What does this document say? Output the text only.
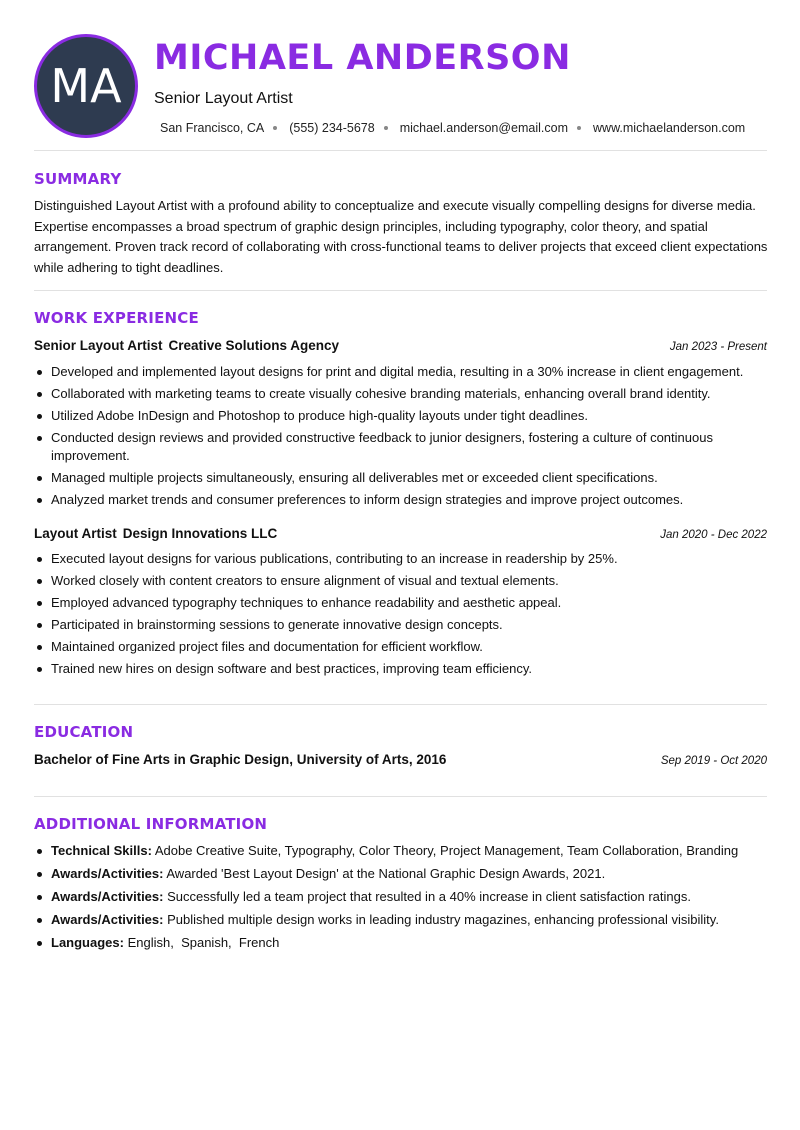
MA
MICHAEL ANDERSON
Senior Layout Artist
San Francisco, CA (555) 234-5678 michael.anderson@email.com www.michaelanderson.com
SUMMARY
Distinguished Layout Artist with a profound ability to conceptualize and execute visually compelling designs for diverse media. Expertise encompasses a broad spectrum of graphic design principles, including typography, color theory, and spatial arrangement. Proven track record of collaborating with cross-functional teams to deliver projects that exceed client expectations while adhering to tight deadlines.
WORK EXPERIENCE
Senior Layout Artist Creative Solutions Agency	Jan 2023 - Present
Developed and implemented layout designs for print and digital media, resulting in a 30% increase in client engagement.
Collaborated with marketing teams to create visually cohesive branding materials, enhancing overall brand identity.
Utilized Adobe InDesign and Photoshop to produce high-quality layouts under tight deadlines.
Conducted design reviews and provided constructive feedback to junior designers, fostering a culture of continuous improvement.
Managed multiple projects simultaneously, ensuring all deliverables met or exceeded client specifications.
Analyzed market trends and consumer preferences to inform design strategies and improve project outcomes.
Layout Artist Design Innovations LLC	Jan 2020 - Dec 2022
Executed layout designs for various publications, contributing to an increase in readership by 25%.
Worked closely with content creators to ensure alignment of visual and textual elements.
Employed advanced typography techniques to enhance readability and aesthetic appeal.
Participated in brainstorming sessions to generate innovative design concepts.
Maintained organized project files and documentation for efficient workflow.
Trained new hires on design software and best practices, improving team efficiency.
EDUCATION
Bachelor of Fine Arts in Graphic Design, University of Arts, 2016	Sep 2019 - Oct 2020
ADDITIONAL INFORMATION
Technical Skills: Adobe Creative Suite, Typography, Color Theory, Project Management, Team Collaboration, Branding
Awards/Activities: Awarded 'Best Layout Design' at the National Graphic Design Awards, 2021.
Awards/Activities: Successfully led a team project that resulted in a 40% increase in client satisfaction ratings.
Awards/Activities: Published multiple design works in leading industry magazines, enhancing professional visibility.
Languages: English,  Spanish,  French
